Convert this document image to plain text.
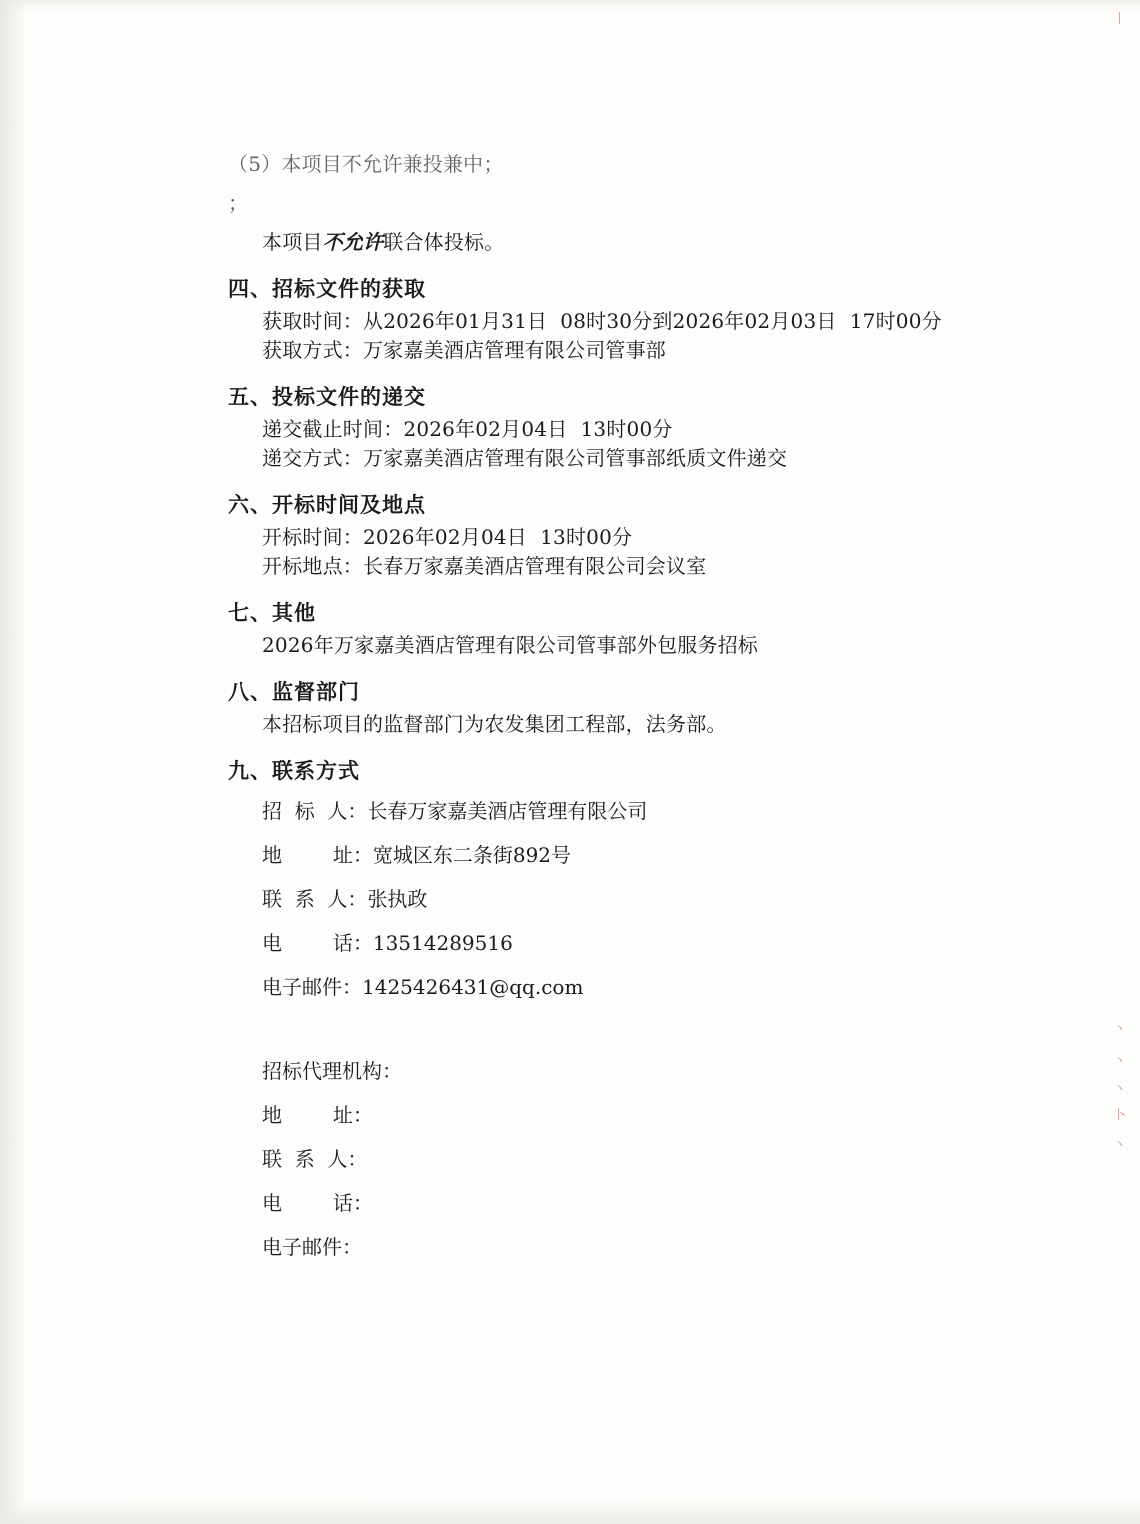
丨
丶
丶
丶
卜
丶
（5）本项目不允许兼投兼中；
；
本项目不允许联合体投标。
四、招标文件的获取
获取时间：从2026年01月31日  08时30分到2026年02月03日  17时00分
获取方式：万家嘉美酒店管理有限公司管事部
五、投标文件的递交
递交截止时间：2026年02月04日  13时00分
递交方式：万家嘉美酒店管理有限公司管事部纸质文件递交
六、开标时间及地点
开标时间：2026年02月04日  13时00分
开标地点：长春万家嘉美酒店管理有限公司会议室
七、其他
2026年万家嘉美酒店管理有限公司管事部外包服务招标
八、监督部门
本招标项目的监督部门为农发集团工程部，法务部。
九、联系方式
招  标  人：长春万家嘉美酒店管理有限公司
地        址：宽城区东二条街892号
联  系  人：张执政
电        话：13514289516
电子邮件：1425426431@qq.com
招标代理机构：
地        址：
联  系  人：
电        话：
电子邮件：
